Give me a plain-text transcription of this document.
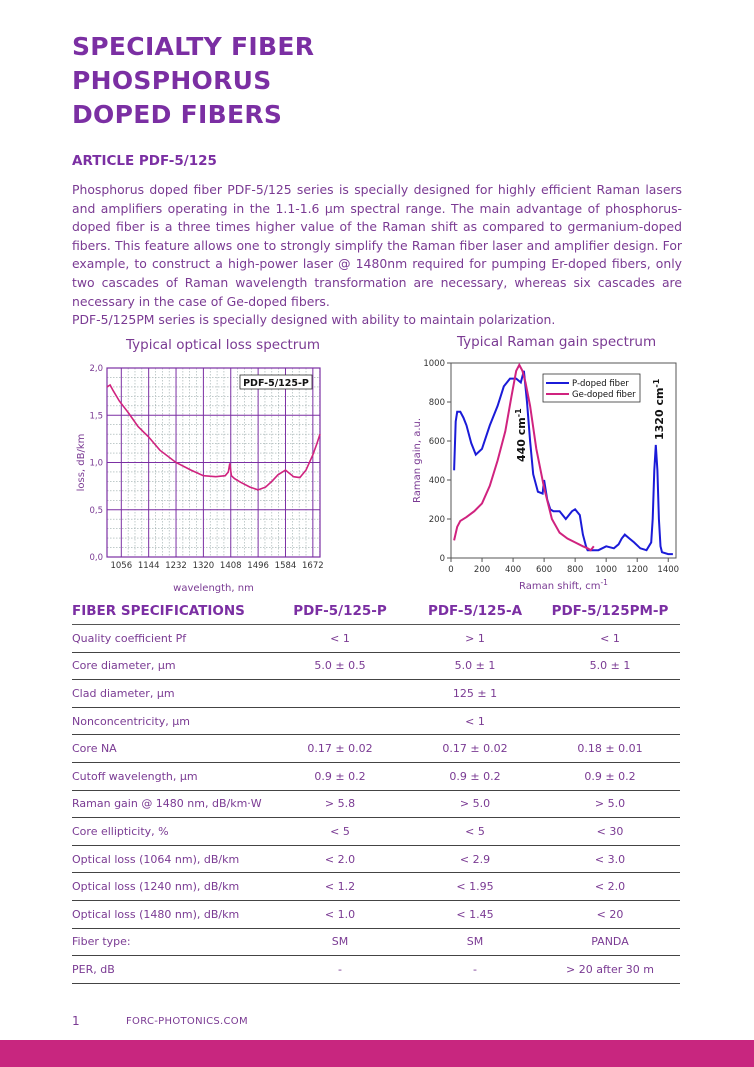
SPECIALTY FIBER
PHOSPHORUS
DOPED FIBERS
ARTICLE PDF-5/125

Phosphorus doped fiber PDF-5/125 series is specially designed for highly efficient Raman lasers and amplifiers operating in the 1.1-1.6 µm spectral range. The main advantage of phosphorus-doped fiber is a three times higher value of the Raman shift as compared to germanium-doped fibers. This feature allows one to strongly simplify the Raman fiber laser and amplifier design. For example, to construct a high-power laser @ 1480nm required for pumping Er-doped fibers, only two cascades of Raman wavelength transformation are necessary, whereas six cascades are necessary in the case of Ge-doped fibers.

PDF-5/125PM series is specially designed with ability to maintain polarization.
Typical optical loss spectrum	Typical Raman gain spectrum
0,0
0,5
1,0
1,5
2,0
1056 1144 1232 1320 1408 1496 1584 1672
PDF-5/125-P
wavelength, nm
loss, dB/km
0
200
400
600
800
1000
0 200 400 600 800 1000 1200 1400
P-doped fiber
Ge-doped fiber
440 $cm^{-1}$	1320 $cm^{-1}$
Raman shift, $cm^{-1}$
Raman gain, a.u.
FIBER SPECIFICATIONS	PDF-5/125-P	PDF-5/125-A	PDF-5/125PM-P
Quality coefficient Pf	< 1	> 1	< 1
Core diameter, µm	5.0 ± 0.5	5.0 ± 1	5.0 ± 1
Clad diameter, µm		125 ± 1	
Nonconcentricity, µm		< 1	
Core NA	0.17 ± 0.02	0.17 ± 0.02	0.18 ± 0.01
Cutoff wavelength, µm	0.9 ± 0.2	0.9 ± 0.2	0.9 ± 0.2
Raman gain @ 1480 nm, dB/km·W	> 5.8	> 5.0	> 5.0
Core ellipticity, %	< 5	< 5	< 30
Optical loss (1064 nm), dB/km	< 2.0	< 2.9	< 3.0
Optical loss (1240 nm), dB/km	< 1.2	< 1.95	< 2.0
Optical loss (1480 nm), dB/km	< 1.0	< 1.45	< 20
Fiber type:	SM	SM	PANDA
PER, dB	-	-	> 20 after 30 m
1	FORC-PHOTONICS.COM
